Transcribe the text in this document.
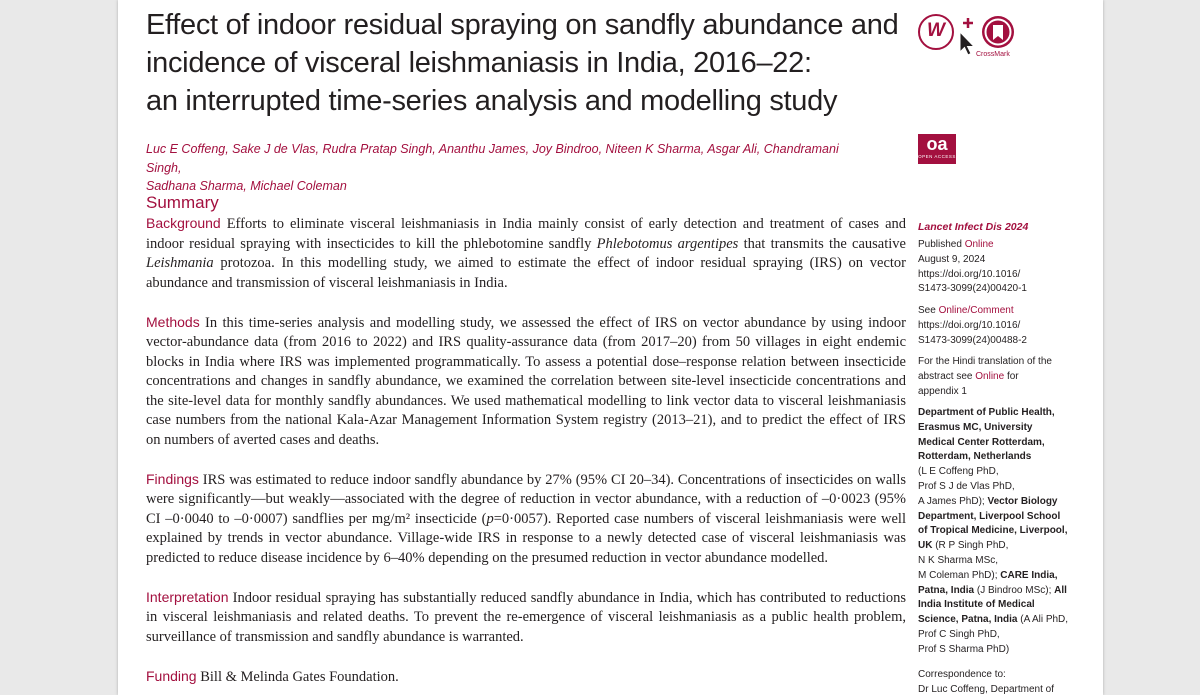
Effect of indoor residual spraying on sandfly abundance and
incidence of visceral leishmaniasis in India, 2016–22:
an interrupted time-series analysis and modelling study
Luc E Coffeng, Sake J de Vlas, Rudra Pratap Singh, Ananthu James, Joy Bindroo, Niteen K Sharma, Asgar Ali, Chandramani Singh,
Sadhana Sharma, Michael Coleman
Summary

Background Efforts to eliminate visceral leishmaniasis in India mainly consist of early detection and treatment of cases and indoor residual spraying with insecticides to kill the phlebotomine sandfly Phlebotomus argentipes that transmits the causative Leishmania protozoa. In this modelling study, we aimed to estimate the effect of indoor residual spraying (IRS) on vector abundance and transmission of visceral leishmaniasis in India.

Methods In this time-series analysis and modelling study, we assessed the effect of IRS on vector abundance by using indoor vector-abundance data (from 2016 to 2022) and IRS quality-assurance data (from 2017–20) from 50 villages in eight endemic blocks in India where IRS was implemented programmatically. To assess a potential dose–response relation between insecticide concentrations and changes in sandfly abundance, we examined the correlation between site-level insecticide concentrations and the site-level data for monthly sandfly abundances. We used mathematical modelling to link vector data to visceral leishmaniasis case numbers from the national Kala-Azar Management Information System registry (2013–21), and to predict the effect of IRS on numbers of averted cases and deaths.

Findings IRS was estimated to reduce indoor sandfly abundance by 27% (95% CI 20–34). Concentrations of insecticides on walls were significantly—but weakly—associated with the degree of reduction in vector abundance, with a reduction of –0·0023 (95% CI –0·0040 to –0·0007) sandflies per mg/m² insecticide (p=0·0057). Reported case numbers of visceral leishmaniasis were well explained by trends in vector abundance. Village-wide IRS in response to a newly detected case of visceral leishmaniasis was predicted to reduce disease incidence by 6–40% depending on the presumed reduction in vector abundance modelled.

Interpretation Indoor residual spraying has substantially reduced sandfly abundance in India, which has contributed to reductions in visceral leishmaniasis and related deaths. To prevent the re-emergence of visceral leishmaniasis as a public health problem, surveillance of transmission and sandfly abundance is warranted.

Funding Bill & Melinda Gates Foundation.

W
CrossMark
oa
OPEN ACCESS
Lancet Infect Dis 2024
Published Online
August 9, 2024
https://doi.org/10.1016/
S1473-3099(24)00420-1
See Online/Comment
https://doi.org/10.1016/
S1473-3099(24)00488-2
For the Hindi translation of the
abstract see Online for
appendix 1
Department of Public Health,
Erasmus MC, University
Medical Center Rotterdam,
Rotterdam, Netherlands
(L E Coffeng PhD,
Prof S J de Vlas PhD,
A James PhD); Vector Biology
Department, Liverpool School
of Tropical Medicine, Liverpool,
UK (R P Singh PhD,
N K Sharma MSc,
M Coleman PhD); CARE India,
Patna, India (J Bindroo MSc); All
India Institute of Medical
Science, Patna, India (A Ali PhD,
Prof C Singh PhD,
Prof S Sharma PhD)
Correspondence to:
Dr Luc Coffeng, Department of
